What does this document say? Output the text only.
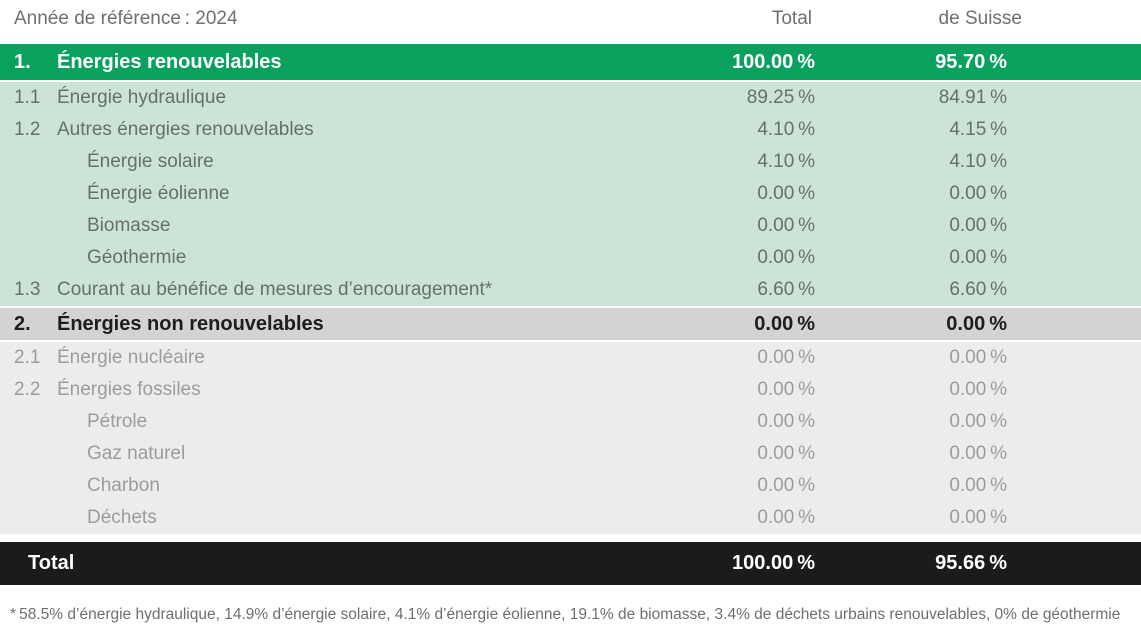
Année de référence : 2024	Total	de Suisse
1.	Énergies renouvelables	100.00 %	95.70 %
1.1 Énergie hydraulique	89.25 %	84.91 %
1.2 Autres énergies renouvelables	4.10 %	4.15 %
Énergie solaire	4.10 %	4.10 %
Énergie éolienne	0.00 %	0.00 %
Biomasse	0.00 %	0.00 %
Géothermie	0.00 %	0.00 %
1.3 Courant au bénéfice de mesures d’encouragement*	6.60 %	6.60 %
2.	Énergies non renouvelables	0.00 %	0.00 %
2.1 Énergie nucléaire	0.00 %	0.00 %
2.2 Énergies fossiles	0.00 %	0.00 %
Pétrole	0.00 %	0.00 %
Gaz naturel	0.00 %	0.00 %
Charbon	0.00 %	0.00 %
Déchets	0.00 %	0.00 %
Total	100.00 %	95.66 %
* 58.5% d’énergie hydraulique, 14.9% d’énergie solaire, 4.1% d’énergie éolienne, 19.1% de biomasse, 3.4% de déchets urbains renouvelables, 0% de géothermie
